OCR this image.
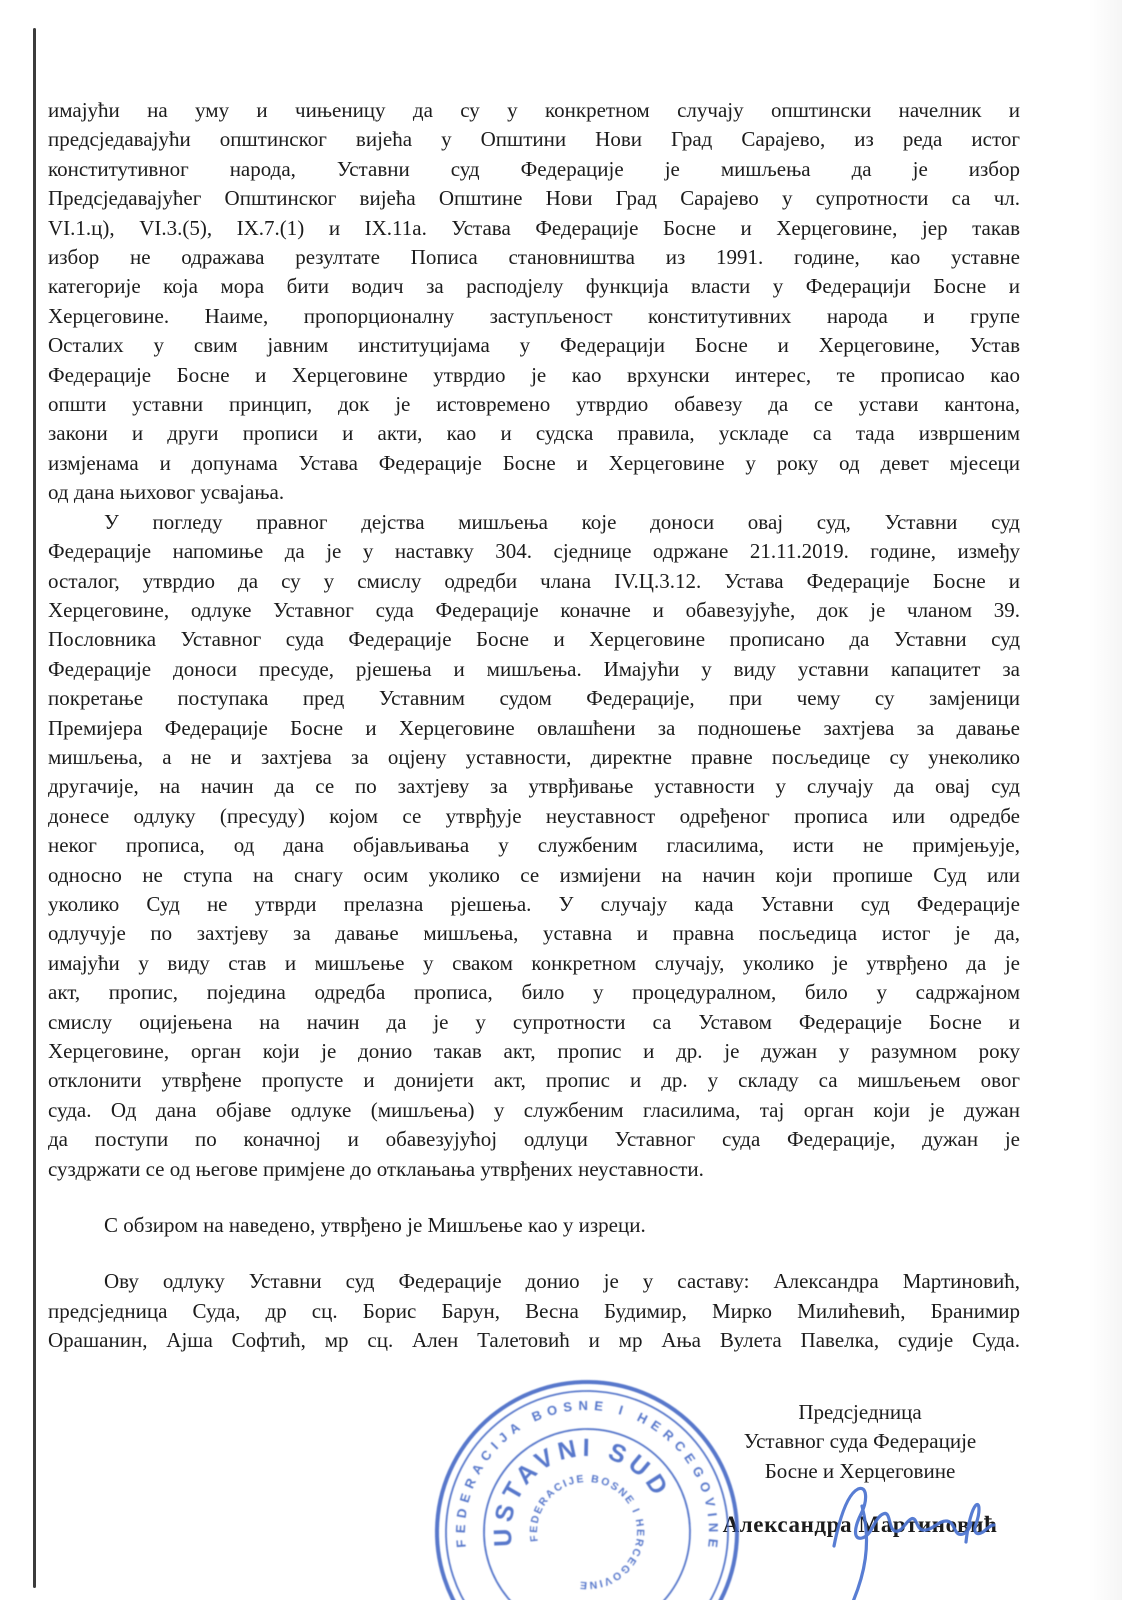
имајући на уму и чињеницу да су у конкретном случају општински начелник и
предсједавајући општинског вијећа у Општини Нови Град Сарајево, из реда истог
конститутивног народа, Уставни суд Федерације је мишљења да је избор
Предсједавајућег Општинског вијећа Општине Нови Град Сарајево у супротности са чл.
VI.1.ц), VI.3.(5), IX.7.(1) и IX.11а. Устава Федерације Босне и Херцеговине, јер такав
избор не одражава резултате Пописа становништва из 1991. године, као уставне
категорије која мора бити водич за расподјелу функција власти у Федерацији Босне и
Херцеговине. Наиме, пропорционалну заступљеност конститутивних народа и групе
Осталих у свим јавним институцијама у Федерацији Босне и Херцеговине, Устав
Федерације Босне и Херцеговине утврдио је као врхунски интерес, те прописао као
општи уставни принцип, док је истовремено утврдио обавезу да се устави кантона,
закони и други прописи и акти, као и судска правила, ускладе са тада извршеним
измјенама и допунама Устава Федерације Босне и Херцеговине у року од девет мјесеци
од дана њиховог усвајања.

У погледу правног дејства мишљења које доноси овај суд, Уставни суд
Федерације напомиње да је у наставку 304. сједнице одржане 21.11.2019. године, између
осталог, утврдио да су у смислу одредби члана IV.Ц.3.12. Устава Федерације Босне и
Херцеговине, одлуке Уставног суда Федерације коначне и обавезујуће, док је чланом 39.
Пословника Уставног суда Федерације Босне и Херцеговине прописано да Уставни суд
Федерације доноси пресуде, рјешења и мишљења. Имајући у виду уставни капацитет за
покретање поступака пред Уставним судом Федерације, при чему су замјеници
Премијера Федерације Босне и Херцеговине овлашћени за подношење захтјева за давање
мишљења, а не и захтјева за оцјену уставности, директне правне посљедице су унеколико
другачије, на начин да се по захтјеву за утврђивање уставности у случају да овај суд
донесе одлуку (пресуду) којом се утврђује неуставност одређеног прописа или одредбе
неког прописа, од дана објављивања у службеним гласилима, исти не примјењује,
односно не ступа на снагу осим уколико се измијени на начин који пропише Суд или
уколико Суд не утврди прелазна рјешења. У случају када Уставни суд Федерације
одлучује по захтјеву за давање мишљења, уставна и правна посљедица истог је да,
имајући у виду став и мишљење у сваком конкретном случају, уколико је утврђено да је
акт, пропис, поједина одредба прописа, било у процедуралном, било у садржајном
смислу оцијењена на начин да је у супротности са Уставом Федерације Босне и
Херцеговине, орган који је донио такав акт, пропис и др. је дужан у разумном року
отклонити утврђене пропусте и донијети акт, пропис и др. у складу са мишљењем овог
суда. Од дана објаве одлуке (мишљења) у службеним гласилима, тај орган који је дужан
да поступи по коначној и обавезујућој одлуци Уставног суда Федерације, дужан је
суздржати се од његове примјене до отклањања утврђених неуставности.

С обзиром на наведено, утврђено је Мишљење као у изреци.

Ову одлуку Уставни суд Федерације донио је у саставу: Александра Мартиновић,
предсједница Суда, др сц. Борис Барун, Весна Будимир, Мирко Милићевић, Бранимир
Орашанин, Ајша Софтић, мр сц. Ален Талетовић и мр Ања Вулета Павелка, судије Суда.

Предсједница
Уставног суда Федерације
Босне и Херцеговине
Александра Мартиновић
FEDERACIJA BOSNE I HERCEGOVINE
USTAVNI SUD
FEDERACIJE BOSNE I HERCEGOVINE
